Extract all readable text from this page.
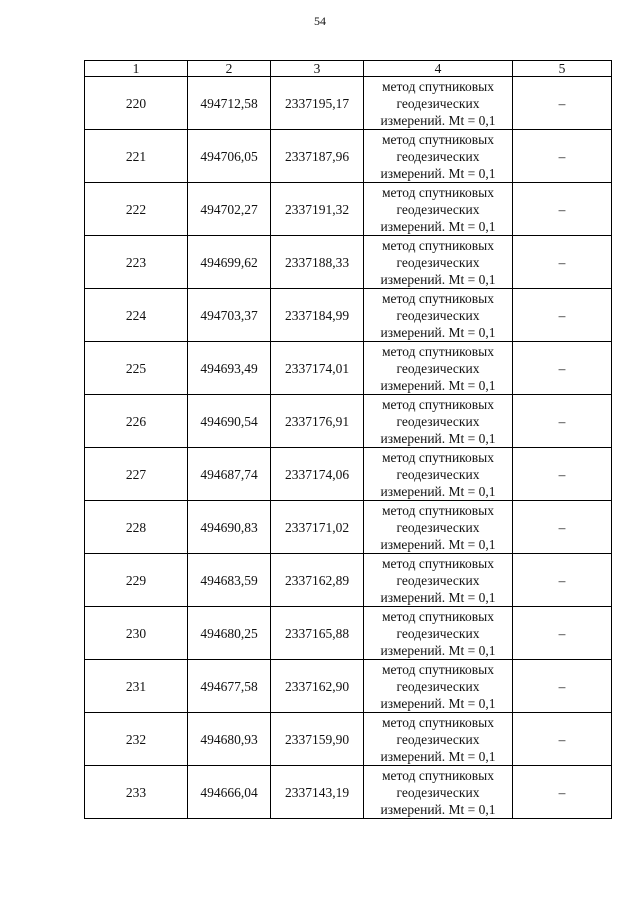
54
1	2	3	4	5
220	494712,58	2337195,17	метод спутниковых
геодезических
измерений. Mt = 0,1	–
221	494706,05	2337187,96	метод спутниковых
геодезических
измерений. Mt = 0,1	–
222	494702,27	2337191,32	метод спутниковых
геодезических
измерений. Mt = 0,1	–
223	494699,62	2337188,33	метод спутниковых
геодезических
измерений. Mt = 0,1	–
224	494703,37	2337184,99	метод спутниковых
геодезических
измерений. Mt = 0,1	–
225	494693,49	2337174,01	метод спутниковых
геодезических
измерений. Mt = 0,1	–
226	494690,54	2337176,91	метод спутниковых
геодезических
измерений. Mt = 0,1	–
227	494687,74	2337174,06	метод спутниковых
геодезических
измерений. Mt = 0,1	–
228	494690,83	2337171,02	метод спутниковых
геодезических
измерений. Mt = 0,1	–
229	494683,59	2337162,89	метод спутниковых
геодезических
измерений. Mt = 0,1	–
230	494680,25	2337165,88	метод спутниковых
геодезических
измерений. Mt = 0,1	–
231	494677,58	2337162,90	метод спутниковых
геодезических
измерений. Mt = 0,1	–
232	494680,93	2337159,90	метод спутниковых
геодезических
измерений. Mt = 0,1	–
233	494666,04	2337143,19	метод спутниковых
геодезических
измерений. Mt = 0,1	–
